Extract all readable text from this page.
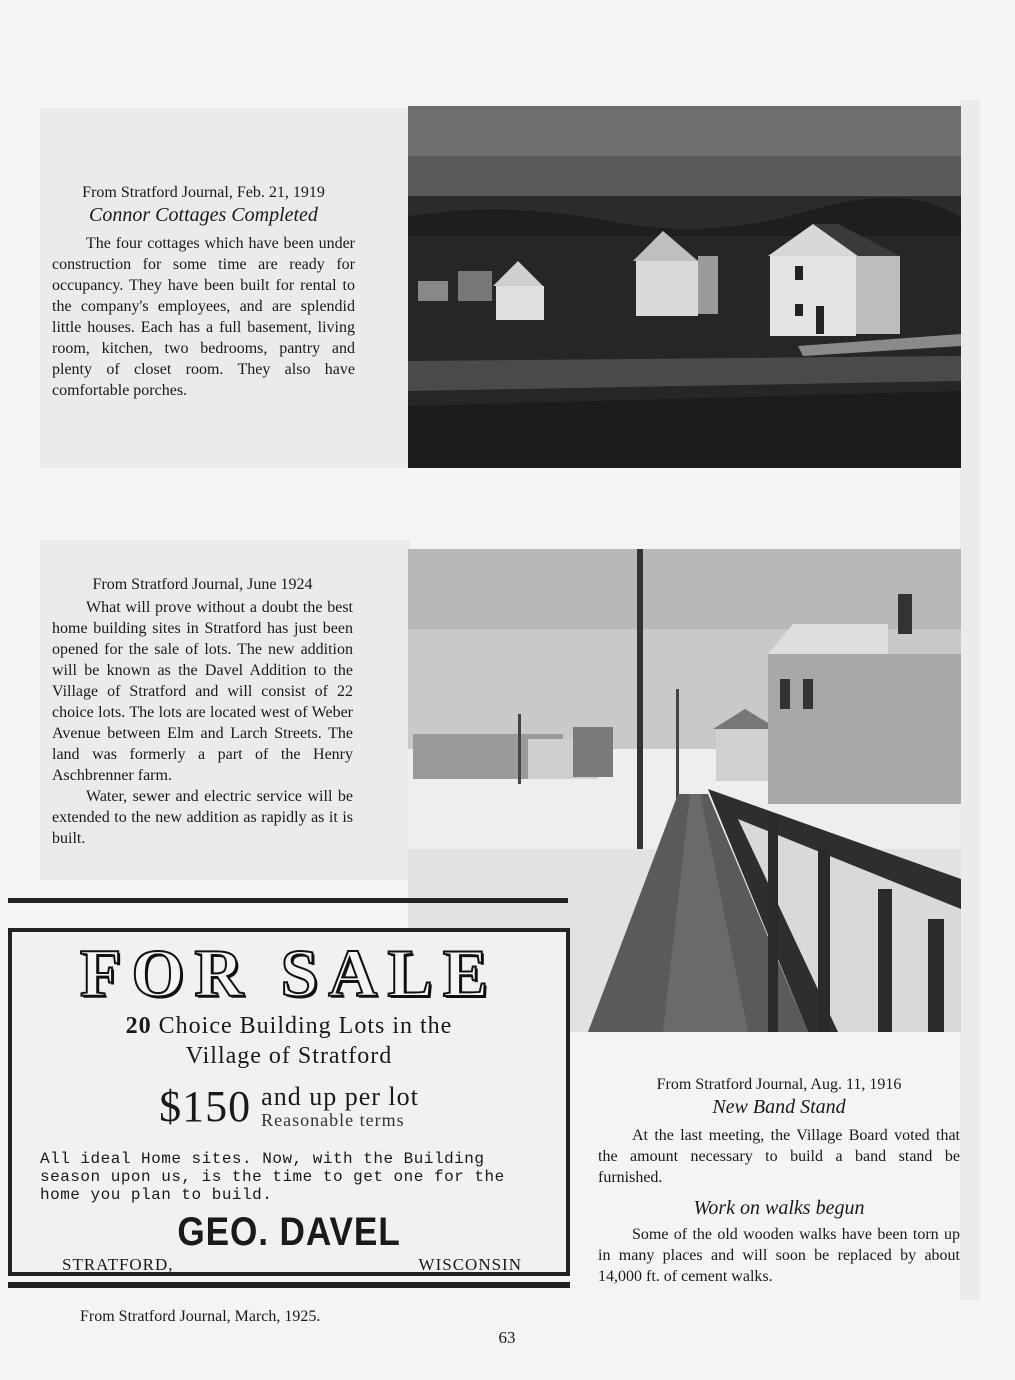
From Stratford Journal, Feb. 21, 1919
Connor Cottages Completed

The four cottages which have been under construction for some time are ready for occupancy. They have been built for rental to the company's employees, and are splendid little houses. Each has a full basement, living room, kitchen, two bedrooms, pantry and plenty of closet room. They also have comfortable porches.

From Stratford Journal, June 1924

What will prove without a doubt the best home building sites in Stratford has just been opened for the sale of lots. The new addition will be known as the Davel Addition to the Village of Stratford and will consist of 22 choice lots. The lots are located west of Weber Avenue between Elm and Larch Streets. The land was formerly a part of the Henry Aschbrenner farm.

Water, sewer and electric service will be extended to the new addition as rapidly as it is built.

FOR SALE
20 Choice Building Lots in the
Village of Stratford
$150 and up per lot
Reasonable terms
All ideal Home sites. Now, with the Building season upon us, is the time to get one for the home you plan to build.
GEO. DAVEL
STRATFORD,	WISCONSIN
From Stratford Journal, March, 1925.
From Stratford Journal, Aug. 11, 1916
New Band Stand

At the last meeting, the Village Board voted that the amount necessary to build a band stand be furnished.

Work on walks begun

Some of the old wooden walks have been torn up in many places and will soon be replaced by about 14,000 ft. of cement walks.

63
